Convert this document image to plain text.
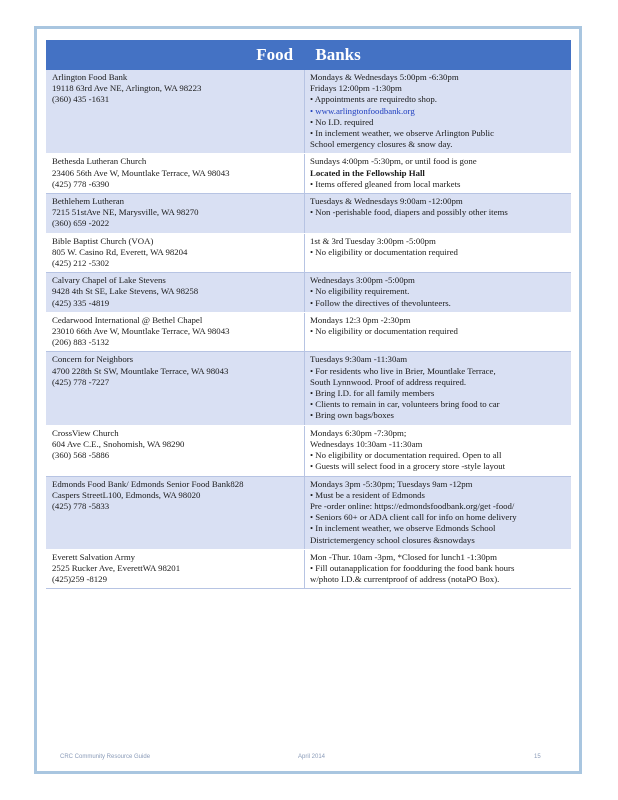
Food Banks
Arlington Food Bank
19118 63rd Ave NE, Arlington, WA 98223
(360) 435 -1631
Mondays & Wednesdays 5:00pm -6:30pm
Fridays 12:00pm -1:30pm
• Appointments are requiredto shop.
• www.arlingtonfoodbank.org
• No I.D. required
• In inclement weather, we observe Arlington Public
School emergency closures & snow day.
Bethesda Lutheran Church
23406 56th Ave W, Mountlake Terrace, WA 98043
(425) 778 -6390
Sundays 4:00pm -5:30pm, or until food is gone
Located in the Fellowship Hall
• Items offered gleaned from local markets
Bethlehem Lutheran
7215 51stAve NE, Marysville, WA 98270
(360) 659 -2022
Tuesdays & Wednesdays 9:00am -12:00pm
• Non -perishable food, diapers and possibly other items
Bible Baptist Church (VOA)
805 W. Casino Rd, Everett, WA 98204
(425) 212 -5302
1st & 3rd Tuesday 3:00pm -5:00pm
• No eligibility or documentation required
Calvary Chapel of Lake Stevens
9428 4th St SE, Lake Stevens, WA 98258
(425) 335 -4819
Wednesdays 3:00pm -5:00pm
• No eligibility requirement.
• Follow the directives of thevolunteers.
Cedarwood International @ Bethel Chapel
23010 66th Ave W, Mountlake Terrace, WA 98043
(206) 883 -5132
Mondays 12:3 0pm -2:30pm
• No eligibility or documentation required
Concern for Neighbors
4700 228th St SW, Mountlake Terrace, WA 98043
(425) 778 -7227
Tuesdays 9:30am -11:30am
• For residents who live in Brier, Mountlake Terrace,
South Lynnwood. Proof of address required.
• Bring I.D. for all family members
• Clients to remain in car, volunteers bring food to car
• Bring own bags/boxes
CrossView Church
604 Ave C.E., Snohomish, WA 98290
(360) 568 -5886
Mondays 6:30pm -7:30pm;
Wednesdays 10:30am -11:30am
• No eligibility or documentation required. Open to all
• Guests will select food in a grocery store -style layout
Edmonds Food Bank/ Edmonds Senior Food Bank828
Caspers StreetL100, Edmonds, WA 98020
(425) 778 -5833
Mondays 3pm -5:30pm; Tuesdays 9am -12pm
• Must be a resident of Edmonds
Pre -order online: https://edmondsfoodbank.org/get -food/
• Seniors 60+ or ADA client call for info on home delivery
• In inclement weather, we observe Edmonds School
Districtemergency school closures &snowdays
Everett Salvation Army
2525 Rucker Ave, EverettWA 98201
(425)259 -8129
Mon -Thur. 10am -3pm, *Closed for lunch1 -1:30pm
• Fill outanapplication for foodduring the food bank hours
w/photo I.D.& currentproof of address (notaPO Box).
CRC Community Resource Guide	April 2014	15
